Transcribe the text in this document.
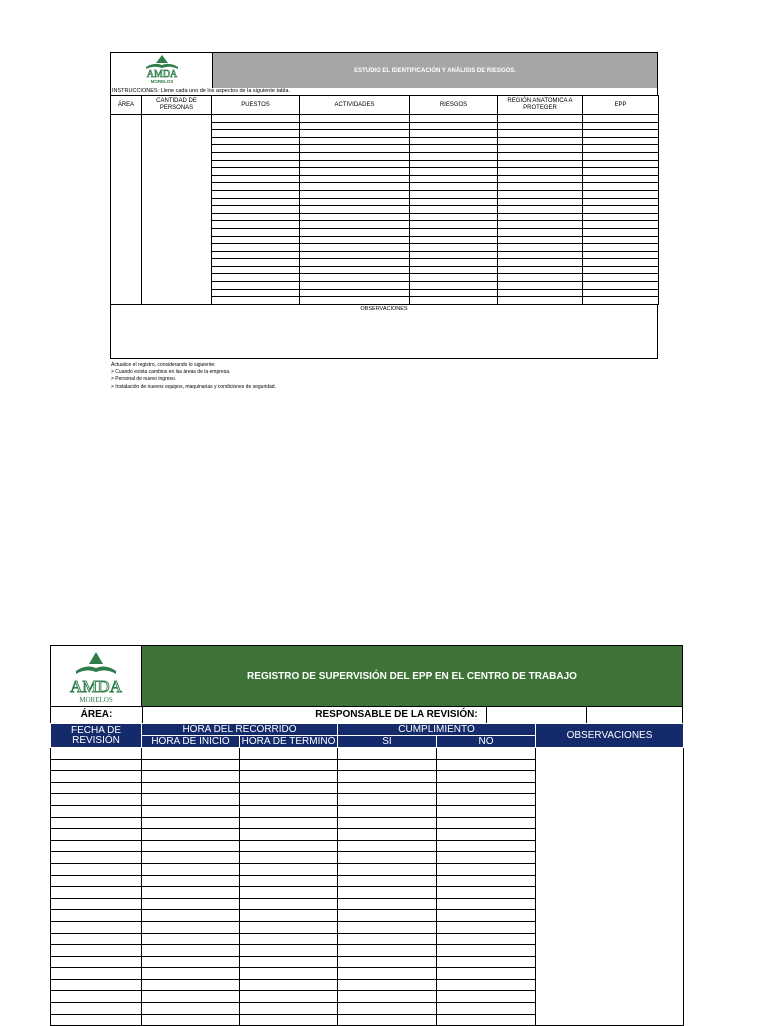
AMDA
MORELOS
ESTUDIO EL IDENTIFICACIÓN Y ANÁLISIS DE RIESGOS.
INSTRUCCIONES: Llene cada uno de los aspectos de la siguiente tabla.
ÁREA	CANTIDAD DE PERSONAS	PUESTOS	ACTIVIDADES	RIESGOS	REGIÓN ANATOMICA A PROTEGER	EPP

OBSERVACIONES
Actualice el registro, considerando lo siguiente:
> Cuando exista cambios en las áreas de la empresa.
> Personal de nuevo ingreso.
> Instalación de nuevos equipos, maquinarias y condiciones de seguridad.
AMDA
MORELOS
REGISTRO DE SUPERVISIÓN DEL EPP EN EL CENTRO DE TRABAJO
ÁREA:	RESPONSABLE DE LA REVISIÓN:
FECHA DE REVISIÓN	HORA DEL RECORRIDO		CUMPLIMIENTO		OBSERVACIONES
	HORA DE INICIO	HORA DE TERMINÓ	SI	NO	
